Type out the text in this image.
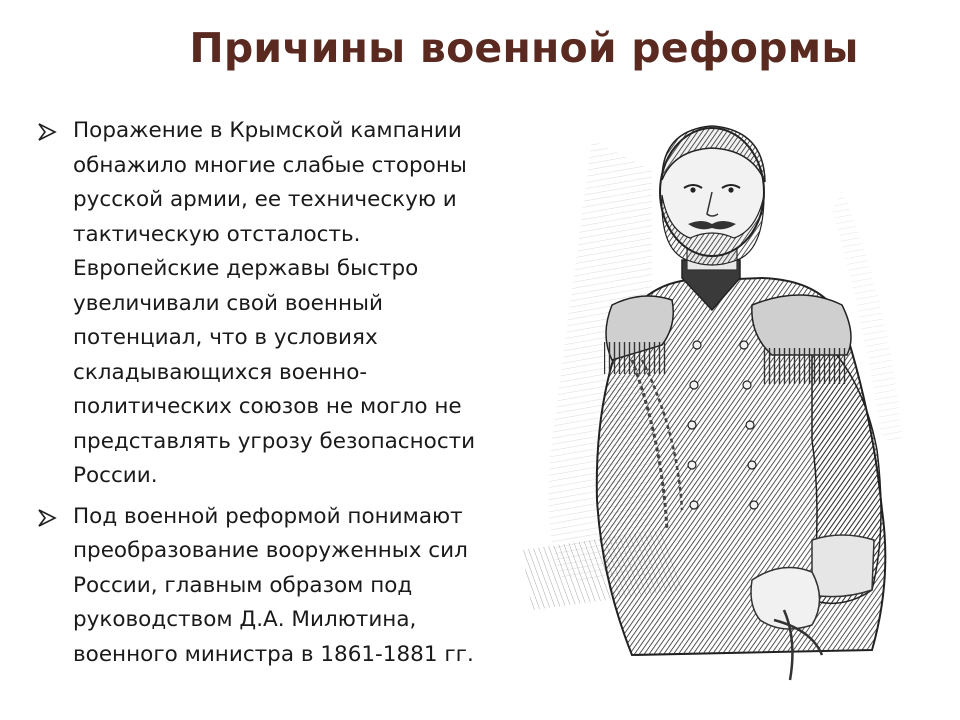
Причины военной реформы
Поражение в Крымской кампании
обнажило многие слабые стороны
русской армии, ее техническую и
тактическую отсталость.
Европейские державы быстро
увеличивали свой военный
потенциал, что в условиях
складывающихся военно-
политических союзов не могло не
представлять угрозу безопасности
России.
Под военной реформой понимают
преобразование вооруженных сил
России, главным образом под
руководством Д.А. Милютина,
военного министра в 1861-1881 гг.
